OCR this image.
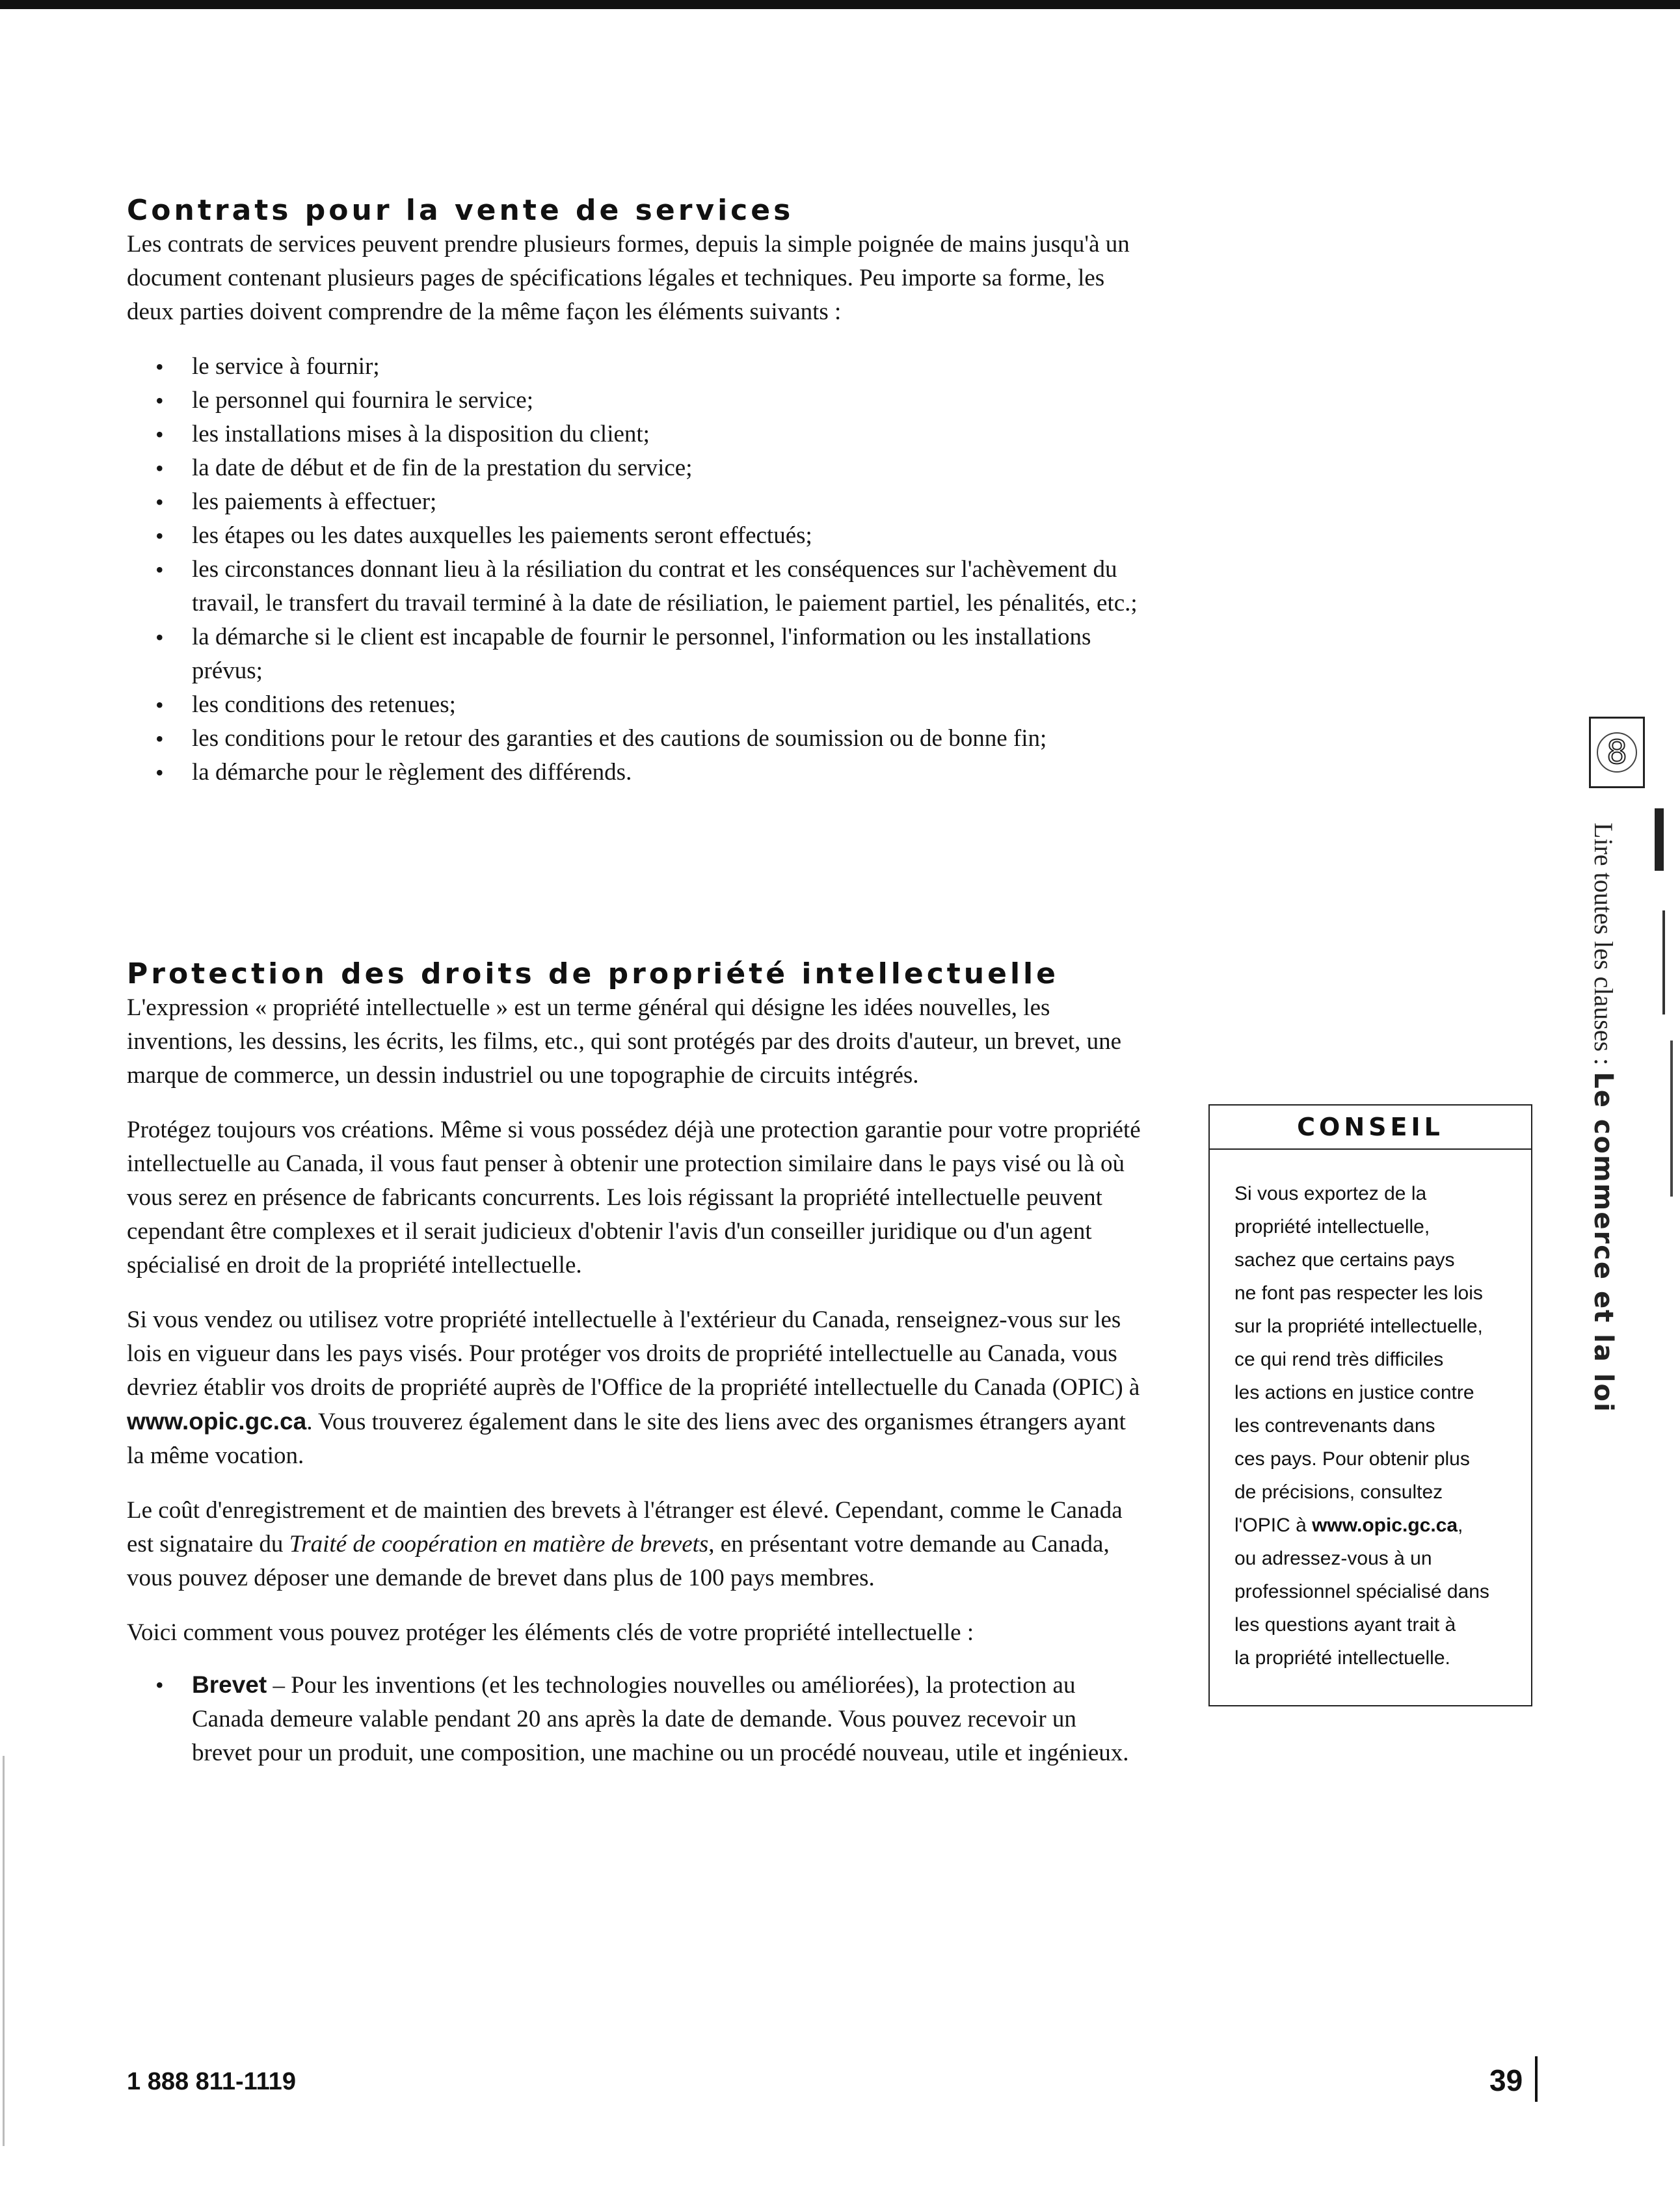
Contrats pour la vente de services

Les contrats de services peuvent prendre plusieurs formes, depuis la simple poignée de mains jusqu'à un document contenant plusieurs pages de spécifications légales et techniques. Peu importe sa forme, les deux parties doivent comprendre de la même façon les éléments suivants :

• le service à fournir;
• le personnel qui fournira le service;
• les installations mises à la disposition du client;
• la date de début et de fin de la prestation du service;
• les paiements à effectuer;
• les étapes ou les dates auxquelles les paiements seront effectués;
• les circonstances donnant lieu à la résiliation du contrat et les conséquences sur l'achèvement du travail, le transfert du travail terminé à la date de résiliation, le paiement partiel, les pénalités, etc.;
• la démarche si le client est incapable de fournir le personnel, l'information ou les installations prévus;
• les conditions des retenues;
• les conditions pour le retour des garanties et des cautions de soumission ou de bonne fin;
• la démarche pour le règlement des différends.
Protection des droits de propriété intellectuelle

L'expression « propriété intellectuelle » est un terme général qui désigne les idées nouvelles, les inventions, les dessins, les écrits, les films, etc., qui sont protégés par des droits d'auteur, un brevet, une marque de commerce, un dessin industriel ou une topographie de circuits intégrés.

Protégez toujours vos créations. Même si vous possédez déjà une protection garantie pour votre propriété intellectuelle au Canada, il vous faut penser à obtenir une protection similaire dans le pays visé ou là où vous serez en présence de fabricants concurrents. Les lois régissant la propriété intellectuelle peuvent cependant être complexes et il serait judicieux d'obtenir l'avis d'un conseiller juridique ou d'un agent spécialisé en droit de la propriété intellectuelle.

Si vous vendez ou utilisez votre propriété intellectuelle à l'extérieur du Canada, renseignez-vous sur les lois en vigueur dans les pays visés. Pour protéger vos droits de propriété intellectuelle au Canada, vous devriez établir vos droits de propriété auprès de l'Office de la propriété intellectuelle du Canada (OPIC) à www.opic.gc.ca. Vous trouverez également dans le site des liens avec des organismes étrangers ayant la même vocation.

Le coût d'enregistrement et de maintien des brevets à l'étranger est élevé. Cependant, comme le Canada est signataire du Traité de coopération en matière de brevets, en présentant votre demande au Canada, vous pouvez déposer une demande de brevet dans plus de 100 pays membres.

Voici comment vous pouvez protéger les éléments clés de votre propriété intellectuelle :

• Brevet – Pour les inventions (et les technologies nouvelles ou améliorées), la protection au Canada demeure valable pendant 20 ans après la date de demande. Vous pouvez recevoir un brevet pour un produit, une composition, une machine ou un procédé nouveau, utile et ingénieux.
CONSEIL
Si vous exportez de la
propriété intellectuelle,
sachez que certains pays
ne font pas respecter les lois
sur la propriété intellectuelle,
ce qui rend très difficiles
les actions en justice contre
les contrevenants dans
ces pays. Pour obtenir plus
de précisions, consultez
l'OPIC à www.opic.gc.ca,
ou adressez-vous à un
professionnel spécialisé dans
les questions ayant trait à
la propriété intellectuelle.
8
Lire toutes les clauses : Le commerce et la loi
1 888 811-1119	39
